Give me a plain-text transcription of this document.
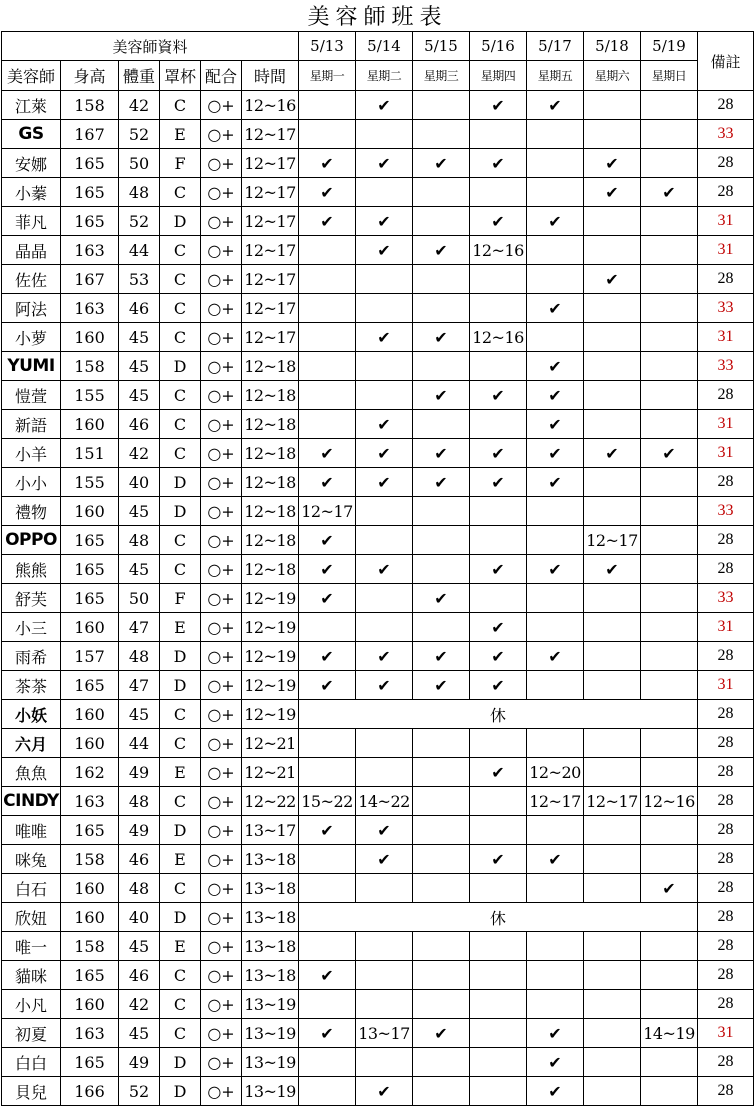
美容師班表													
美容師資料						5/13	5/14	5/15	5/16	5/17	5/18	5/19	備註
美容師	身高	體重	罩杯	配合	時間	星期一	星期二	星期三	星期四	星期五	星期六	星期日	
江萊	158	42	C	○+	12~16		✔		✔	✔			28
GS	167	52	E	○+	12~17								33
安娜	165	50	F	○+	12~17	✔	✔	✔	✔		✔		28
小蓁	165	48	C	○+	12~17	✔					✔	✔	28
菲凡	165	52	D	○+	12~17	✔	✔		✔	✔			31
晶晶	163	44	C	○+	12~17		✔	✔	12~16				31
佐佐	167	53	C	○+	12~17						✔		28
阿法	163	46	C	○+	12~17					✔			33
小萝	160	45	C	○+	12~17		✔	✔	12~16				31
YUMI	158	45	D	○+	12~18					✔			33
愷萱	155	45	C	○+	12~18			✔	✔	✔			28
新語	160	46	C	○+	12~18		✔			✔			31
小羊	151	42	C	○+	12~18	✔	✔	✔	✔	✔	✔	✔	31
小小	155	40	D	○+	12~18	✔	✔	✔	✔	✔			28
禮物	160	45	D	○+	12~18	12~17							33
OPPO	165	48	C	○+	12~18	✔					12~17		28
熊熊	165	45	C	○+	12~18	✔	✔		✔	✔	✔		28
舒芙	165	50	F	○+	12~19	✔		✔					33
小三	160	47	E	○+	12~19				✔				31
雨希	157	48	D	○+	12~19	✔	✔	✔	✔	✔			28
茶茶	165	47	D	○+	12~19	✔	✔	✔	✔				31
小妖	160	45	C	○+	12~19	休							28
六月	160	44	C	○+	12~21								28
魚魚	162	49	E	○+	12~21				✔	12~20			28
CINDY	163	48	C	○+	12~22	15~22	14~22			12~17	12~17	12~16	28
唯唯	165	49	D	○+	13~17	✔	✔						28
咪兔	158	46	E	○+	13~18		✔		✔	✔			28
白石	160	48	C	○+	13~18							✔	28
欣妞	160	40	D	○+	13~18	休							28
唯一	158	45	E	○+	13~18								28
貓咪	165	46	C	○+	13~18	✔							28
小凡	160	42	C	○+	13~19								28
初夏	163	45	C	○+	13~19	✔	13~17	✔		✔		14~19	31
白白	165	49	D	○+	13~19					✔			28
貝兒	166	52	D	○+	13~19		✔			✔			28
